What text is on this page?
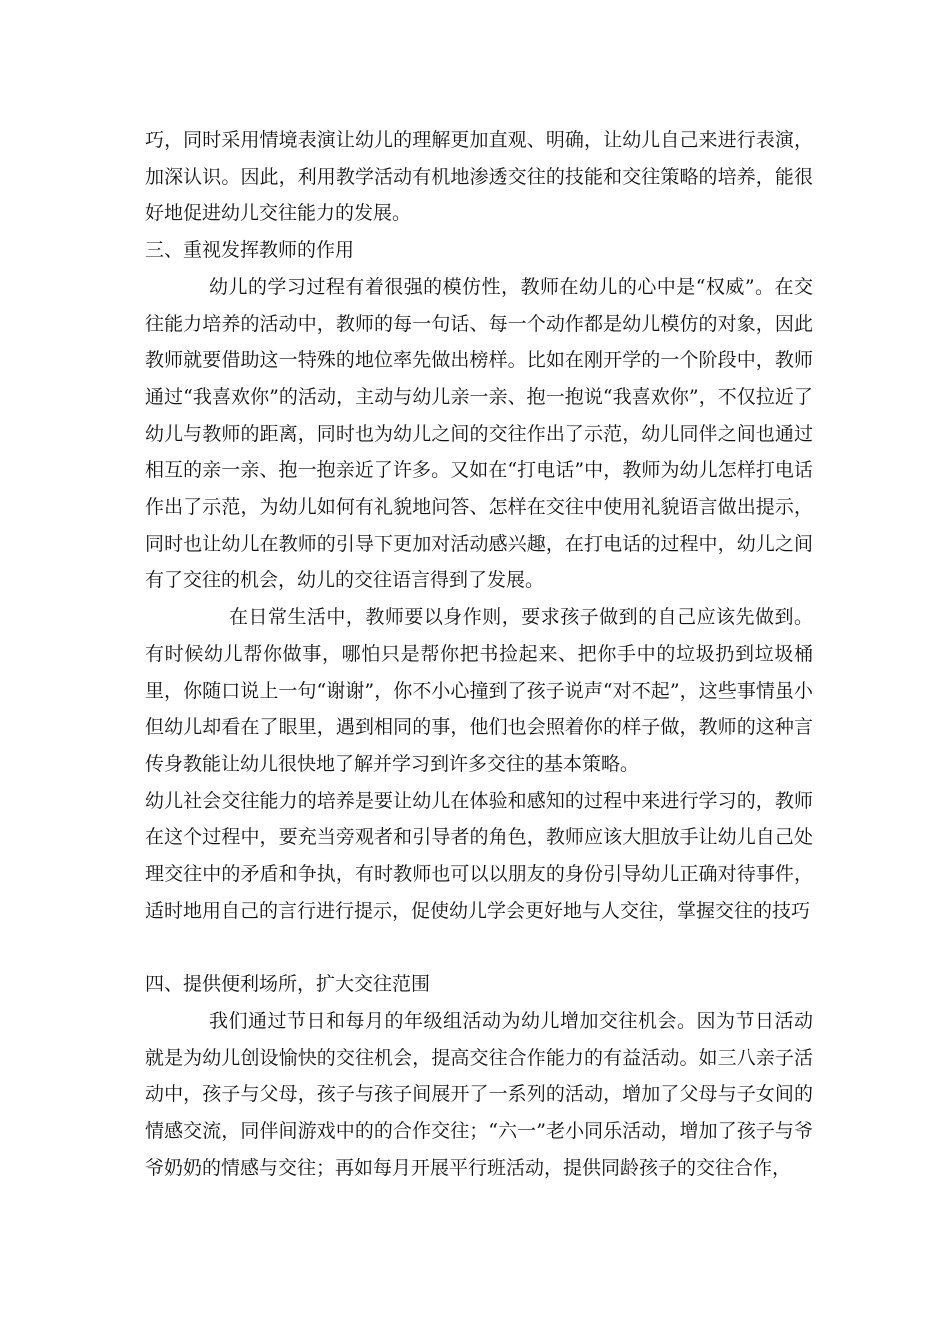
巧，同时采用情境表演让幼儿的理解更加直观、明确，让幼儿自己来进行表演，加深认识。因此，利用教学活动有机地渗透交往的技能和交往策略的培养，能很好地促进幼儿交往能力的发展。

三、重视发挥教师的作用

幼儿的学习过程有着很强的模仿性，教师在幼儿的心中是“权威”。在交往能力培养的活动中，教师的每一句话、每一个动作都是幼儿模仿的对象，因此教师就要借助这一特殊的地位率先做出榜样。比如在刚开学的一个阶段中，教师通过“我喜欢你”的活动，主动与幼儿亲一亲、抱一抱说“我喜欢你”，不仅拉近了幼儿与教师的距离，同时也为幼儿之间的交往作出了示范，幼儿同伴之间也通过相互的亲一亲、抱一抱亲近了许多。又如在“打电话”中，教师为幼儿怎样打电话作出了示范，为幼儿如何有礼貌地问答、怎样在交往中使用礼貌语言做出提示，同时也让幼儿在教师的引导下更加对活动感兴趣，在打电话的过程中，幼儿之间有了交往的机会，幼儿的交往语言得到了发展。

在日常生活中，教师要以身作则，要求孩子做到的自己应该先做到。有时候幼儿帮你做事，哪怕只是帮你把书捡起来、把你手中的垃圾扔到垃圾桶里，你随口说上一句“谢谢”，你不小心撞到了孩子说声“对不起”，这些事情虽小但幼儿却看在了眼里，遇到相同的事，他们也会照着你的样子做，教师的这种言传身教能让幼儿很快地了解并学习到许多交往的基本策略。

幼儿社会交往能力的培养是要让幼儿在体验和感知的过程中来进行学习的，教师在这个过程中，要充当旁观者和引导者的角色，教师应该大胆放手让幼儿自己处理交往中的矛盾和争执，有时教师也可以以朋友的身份引导幼儿正确对待事件，适时地用自己的言行进行提示，促使幼儿学会更好地与人交往，掌握交往的技巧

四、提供便利场所，扩大交往范围

我们通过节日和每月的年级组活动为幼儿增加交往机会。因为节日活动就是为幼儿创设愉快的交往机会，提高交往合作能力的有益活动。如三八亲子活动中，孩子与父母，孩子与孩子间展开了一系列的活动，增加了父母与子女间的情感交流，同伴间游戏中的的合作交往；“六一”老小同乐活动，增加了孩子与爷爷奶奶的情感与交往；再如每月开展平行班活动，提供同龄孩子的交往合作，
